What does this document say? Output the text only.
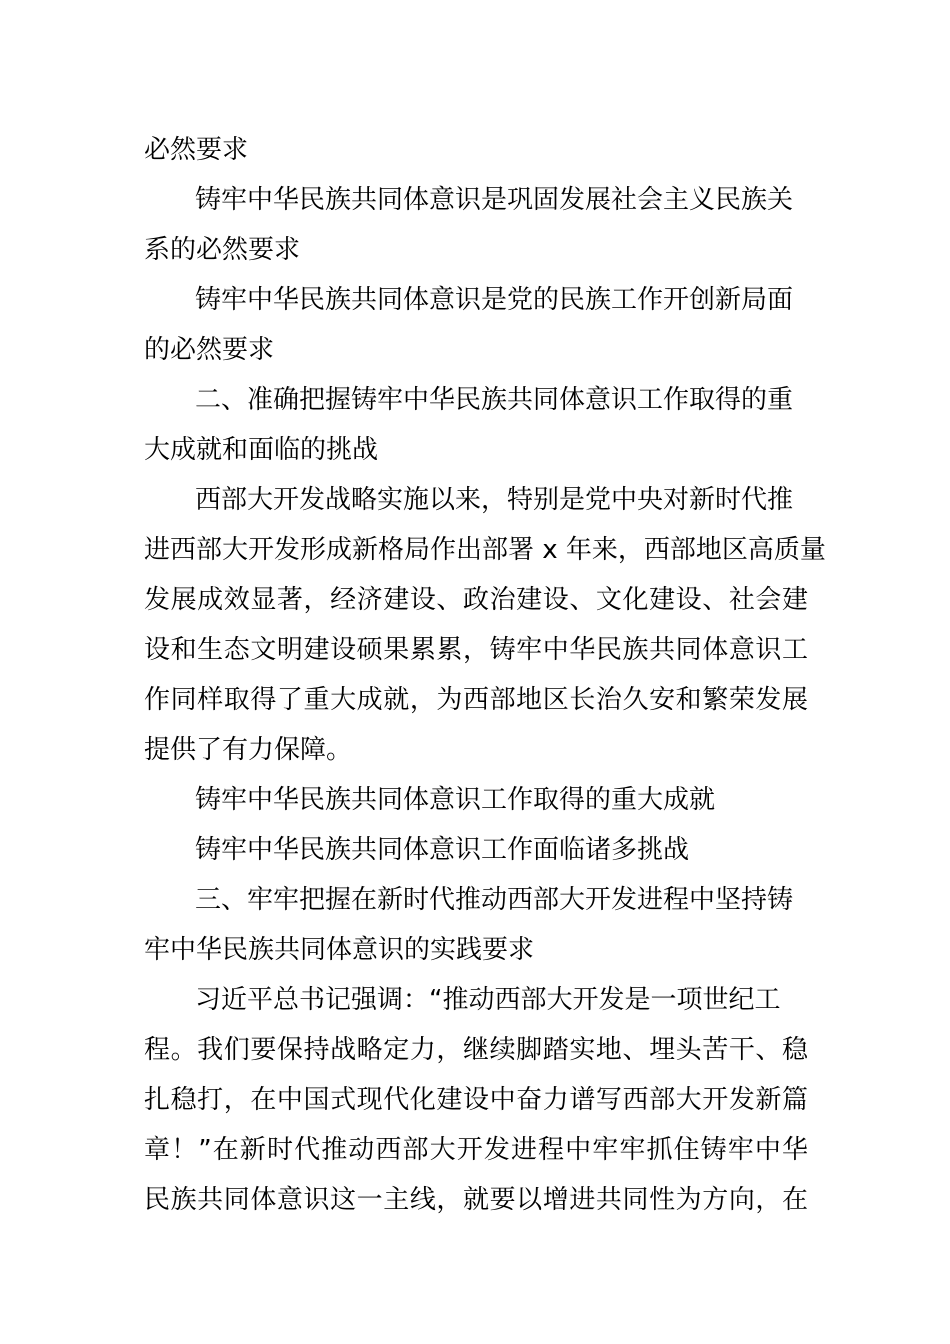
必然要求
铸牢中华民族共同体意识是巩固发展社会主义民族关
系的必然要求
铸牢中华民族共同体意识是党的民族工作开创新局面
的必然要求
二、准确把握铸牢中华民族共同体意识工作取得的重
大成就和面临的挑战
西部大开发战略实施以来，特别是党中央对新时代推
进西部大开发形成新格局作出部署 x 年来，西部地区高质量
发展成效显著，经济建设、政治建设、文化建设、社会建
设和生态文明建设硕果累累，铸牢中华民族共同体意识工
作同样取得了重大成就，为西部地区长治久安和繁荣发展
提供了有力保障。
铸牢中华民族共同体意识工作取得的重大成就
铸牢中华民族共同体意识工作面临诸多挑战
三、牢牢把握在新时代推动西部大开发进程中坚持铸
牢中华民族共同体意识的实践要求
习近平总书记强调：“推动西部大开发是一项世纪工
程。我们要保持战略定力，继续脚踏实地、埋头苦干、稳
扎稳打，在中国式现代化建设中奋力谱写西部大开发新篇
章！”在新时代推动西部大开发进程中牢牢抓住铸牢中华
民族共同体意识这一主线，就要以增进共同性为方向，在
